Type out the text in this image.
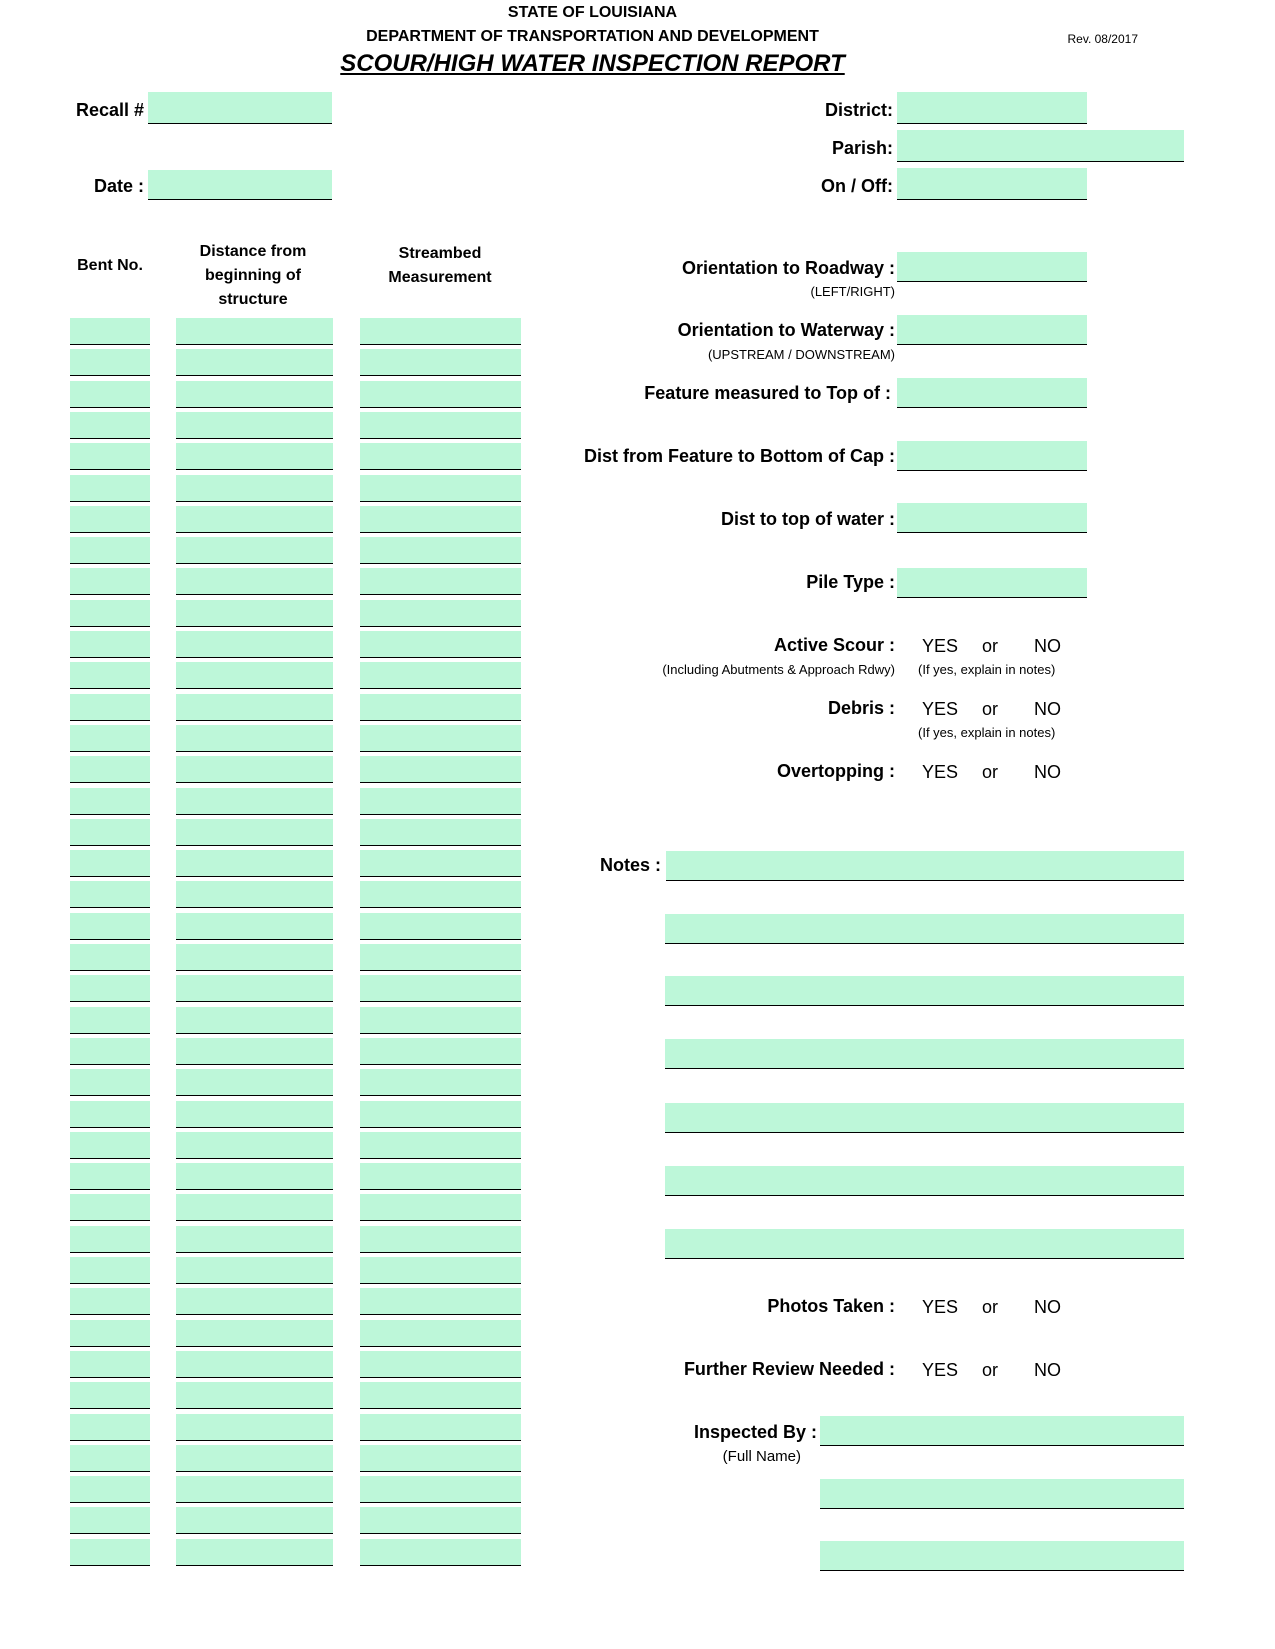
STATE OF LOUISIANA
DEPARTMENT OF TRANSPORTATION AND DEVELOPMENT
SCOUR/HIGH WATER INSPECTION REPORT
Rev. 08/2017
Recall #
Date :
District:
Parish:
On / Off:
Bent No.
Distance from beginning of structure
Streambed Measurement	Orientation to Roadway :
(LEFT/RIGHT)
Orientation to Waterway :
(UPSTREAM / DOWNSTREAM)
Feature measured to Top of :
Dist from Feature to Bottom of Cap :
Dist to top of water :
Pile Type :
Active Scour :
(Including Abutments & Approach Rdwy)
YES or NO
(If yes, explain in notes)
Debris : YES or NO
(If yes, explain in notes)
Overtopping : YES or NO
Notes :
Photos Taken : YES or NO
Further Review Needed : YES or NO
Inspected By :
(Full Name)
